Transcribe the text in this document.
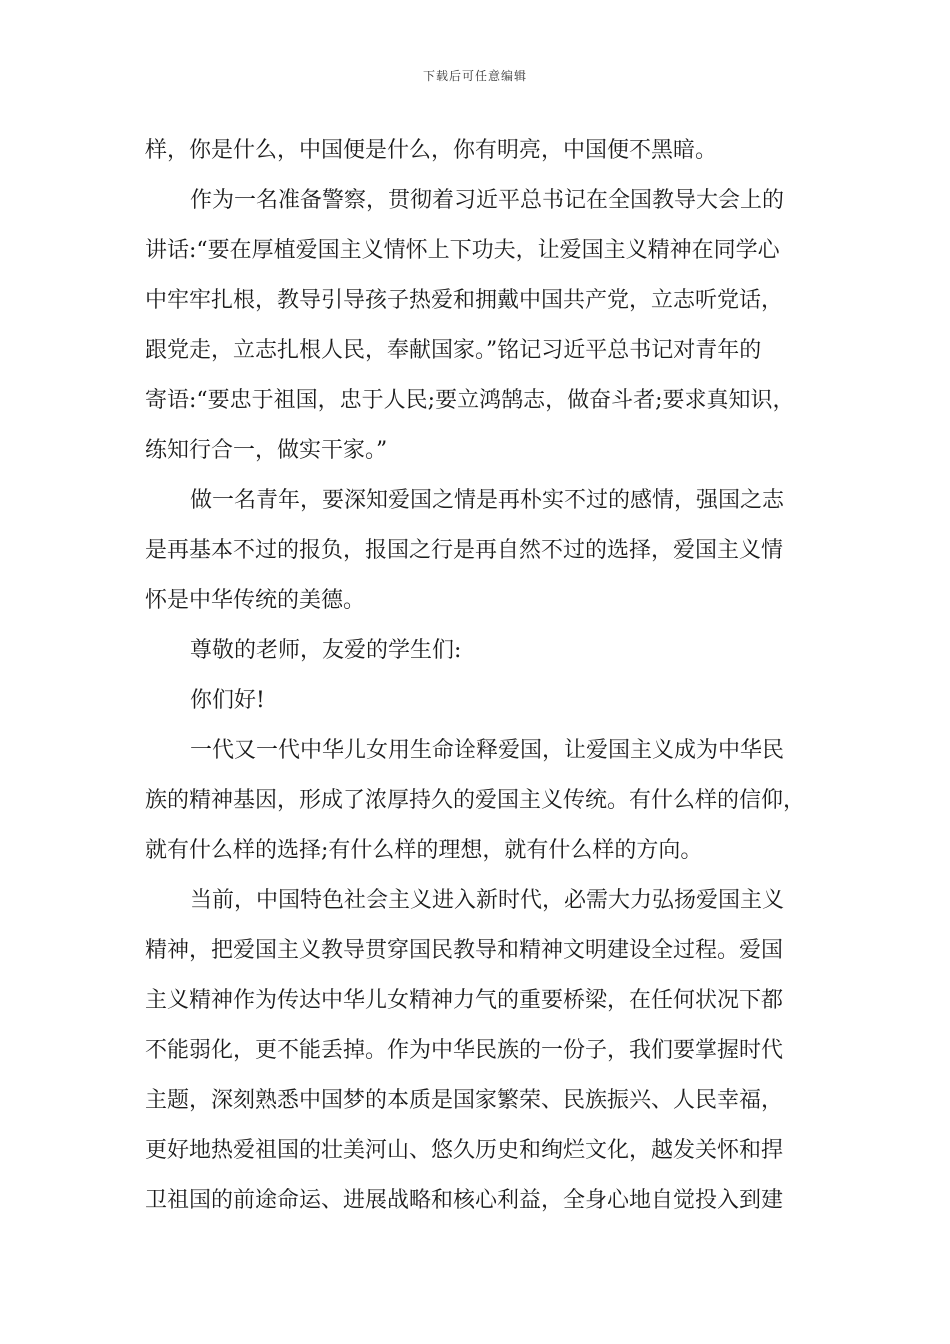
下载后可任意编辑
样，你是什么，中国便是什么，你有明亮，中国便不黑暗。
作为一名准备警察，贯彻着习近平总书记在全国教导大会上的
讲话:“要在厚植爱国主义情怀上下功夫，让爱国主义精神在同学心
中牢牢扎根，教导引导孩子热爱和拥戴中国共产党，立志听党话，
跟党走，立志扎根人民，奉献国家。”铭记习近平总书记对青年的
寄语:“要忠于祖国，忠于人民;要立鸿鹄志，做奋斗者;要求真知识，
练知行合一，做实干家。”
做一名青年，要深知爱国之情是再朴实不过的感情，强国之志
是再基本不过的报负，报国之行是再自然不过的选择，爱国主义情
怀是中华传统的美德。
尊敬的老师，友爱的学生们:
你们好!
一代又一代中华儿女用生命诠释爱国，让爱国主义成为中华民
族的精神基因，形成了浓厚持久的爱国主义传统。有什么样的信仰，
就有什么样的选择;有什么样的理想，就有什么样的方向。
当前，中国特色社会主义进入新时代，必需大力弘扬爱国主义
精神，把爱国主义教导贯穿国民教导和精神文明建设全过程。爱国
主义精神作为传达中华儿女精神力气的重要桥梁，在任何状况下都
不能弱化，更不能丢掉。作为中华民族的一份子，我们要掌握时代
主题，深刻熟悉中国梦的本质是国家繁荣、民族振兴、人民幸福，
更好地热爱祖国的壮美河山、悠久历史和绚烂文化，越发关怀和捍
卫祖国的前途命运、进展战略和核心利益，全身心地自觉投入到建
